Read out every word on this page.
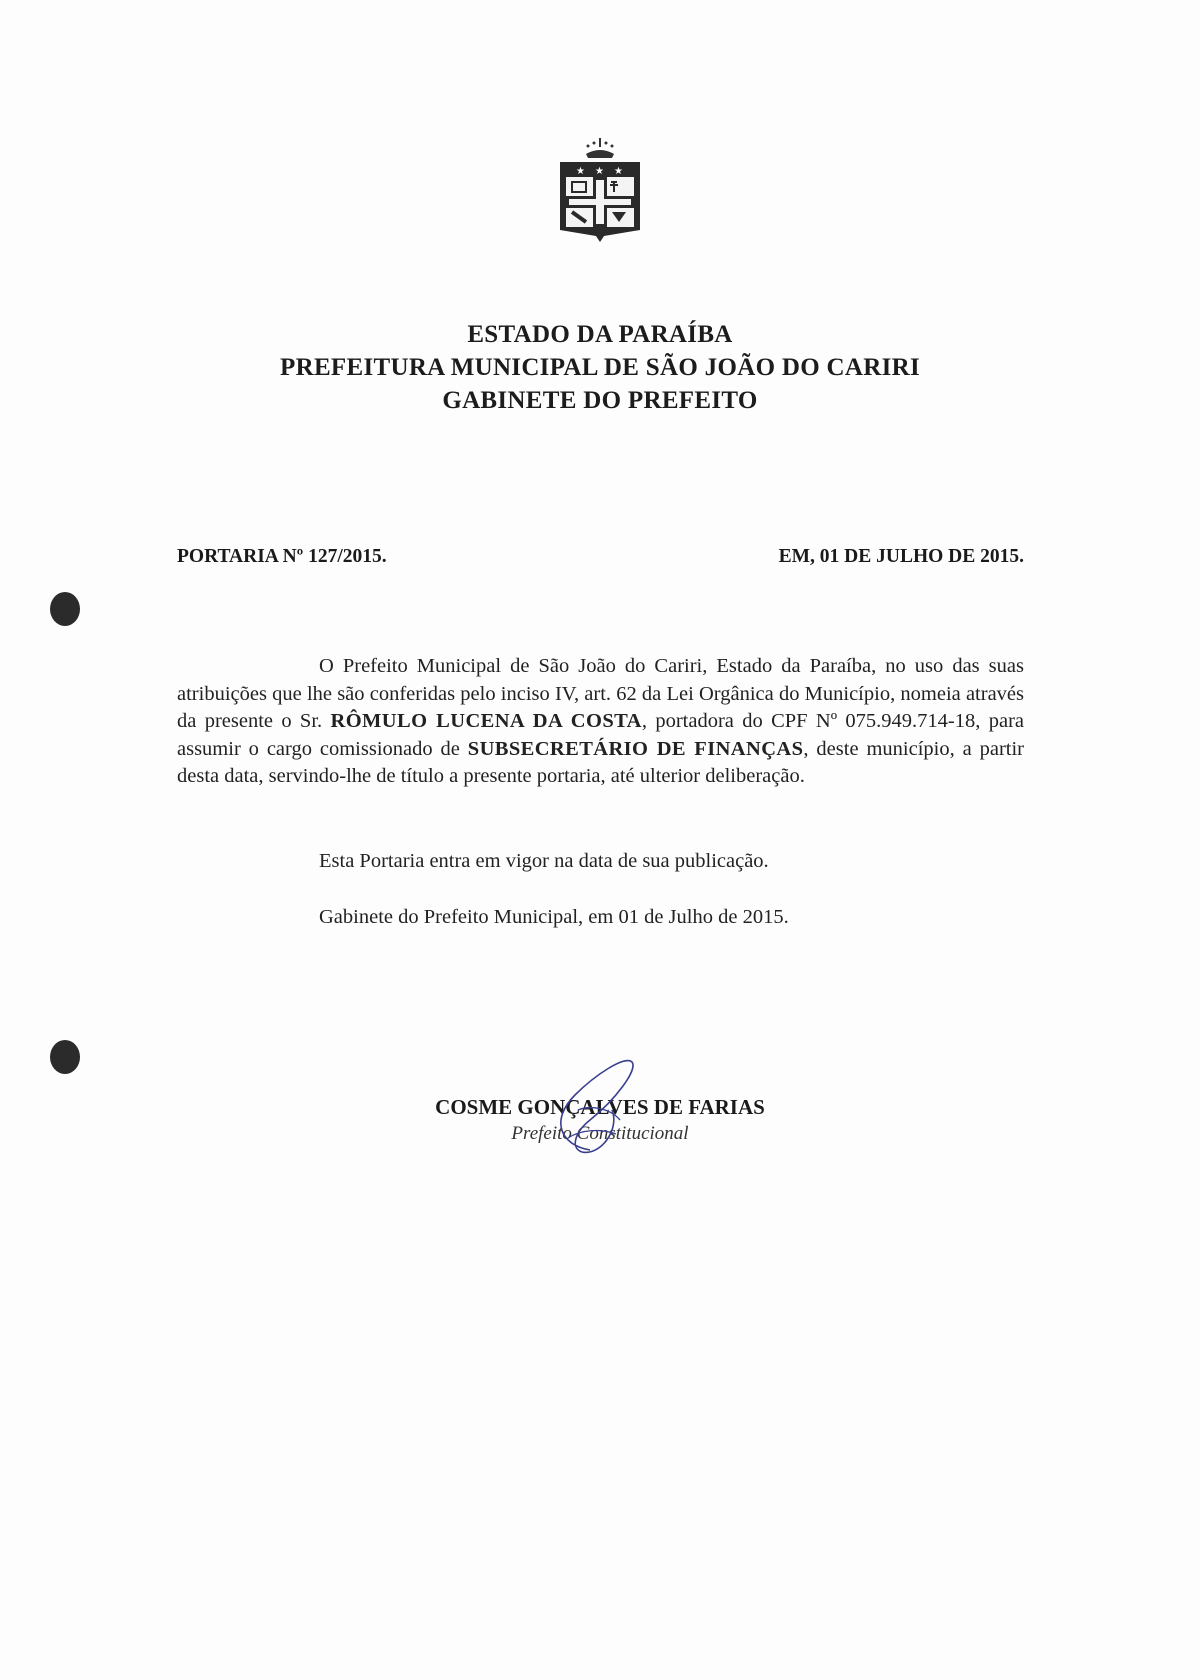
★ ★ ★
ESTADO DA PARAÍBA
PREFEITURA MUNICIPAL DE SÃO JOÃO DO CARIRI
GABINETE DO PREFEITO
PORTARIA Nº 127/2015.	EM, 01 DE JULHO DE 2015.
O Prefeito Municipal de São João do Cariri, Estado da Paraíba, no uso das suas atribuições que lhe são conferidas pelo inciso IV, art. 62 da Lei Orgânica do Município, nomeia através da presente o Sr. RÔMULO LUCENA DA COSTA, portadora do CPF Nº 075.949.714-18, para assumir o cargo comissionado de SUBSECRETÁRIO DE FINANÇAS, deste município, a partir desta data, servindo-lhe de título a presente portaria, até ulterior deliberação.
Esta Portaria entra em vigor na data de sua publicação.
Gabinete do Prefeito Municipal, em 01 de Julho de 2015.
COSME GONÇALVES DE FARIAS
Prefeito Constitucional
